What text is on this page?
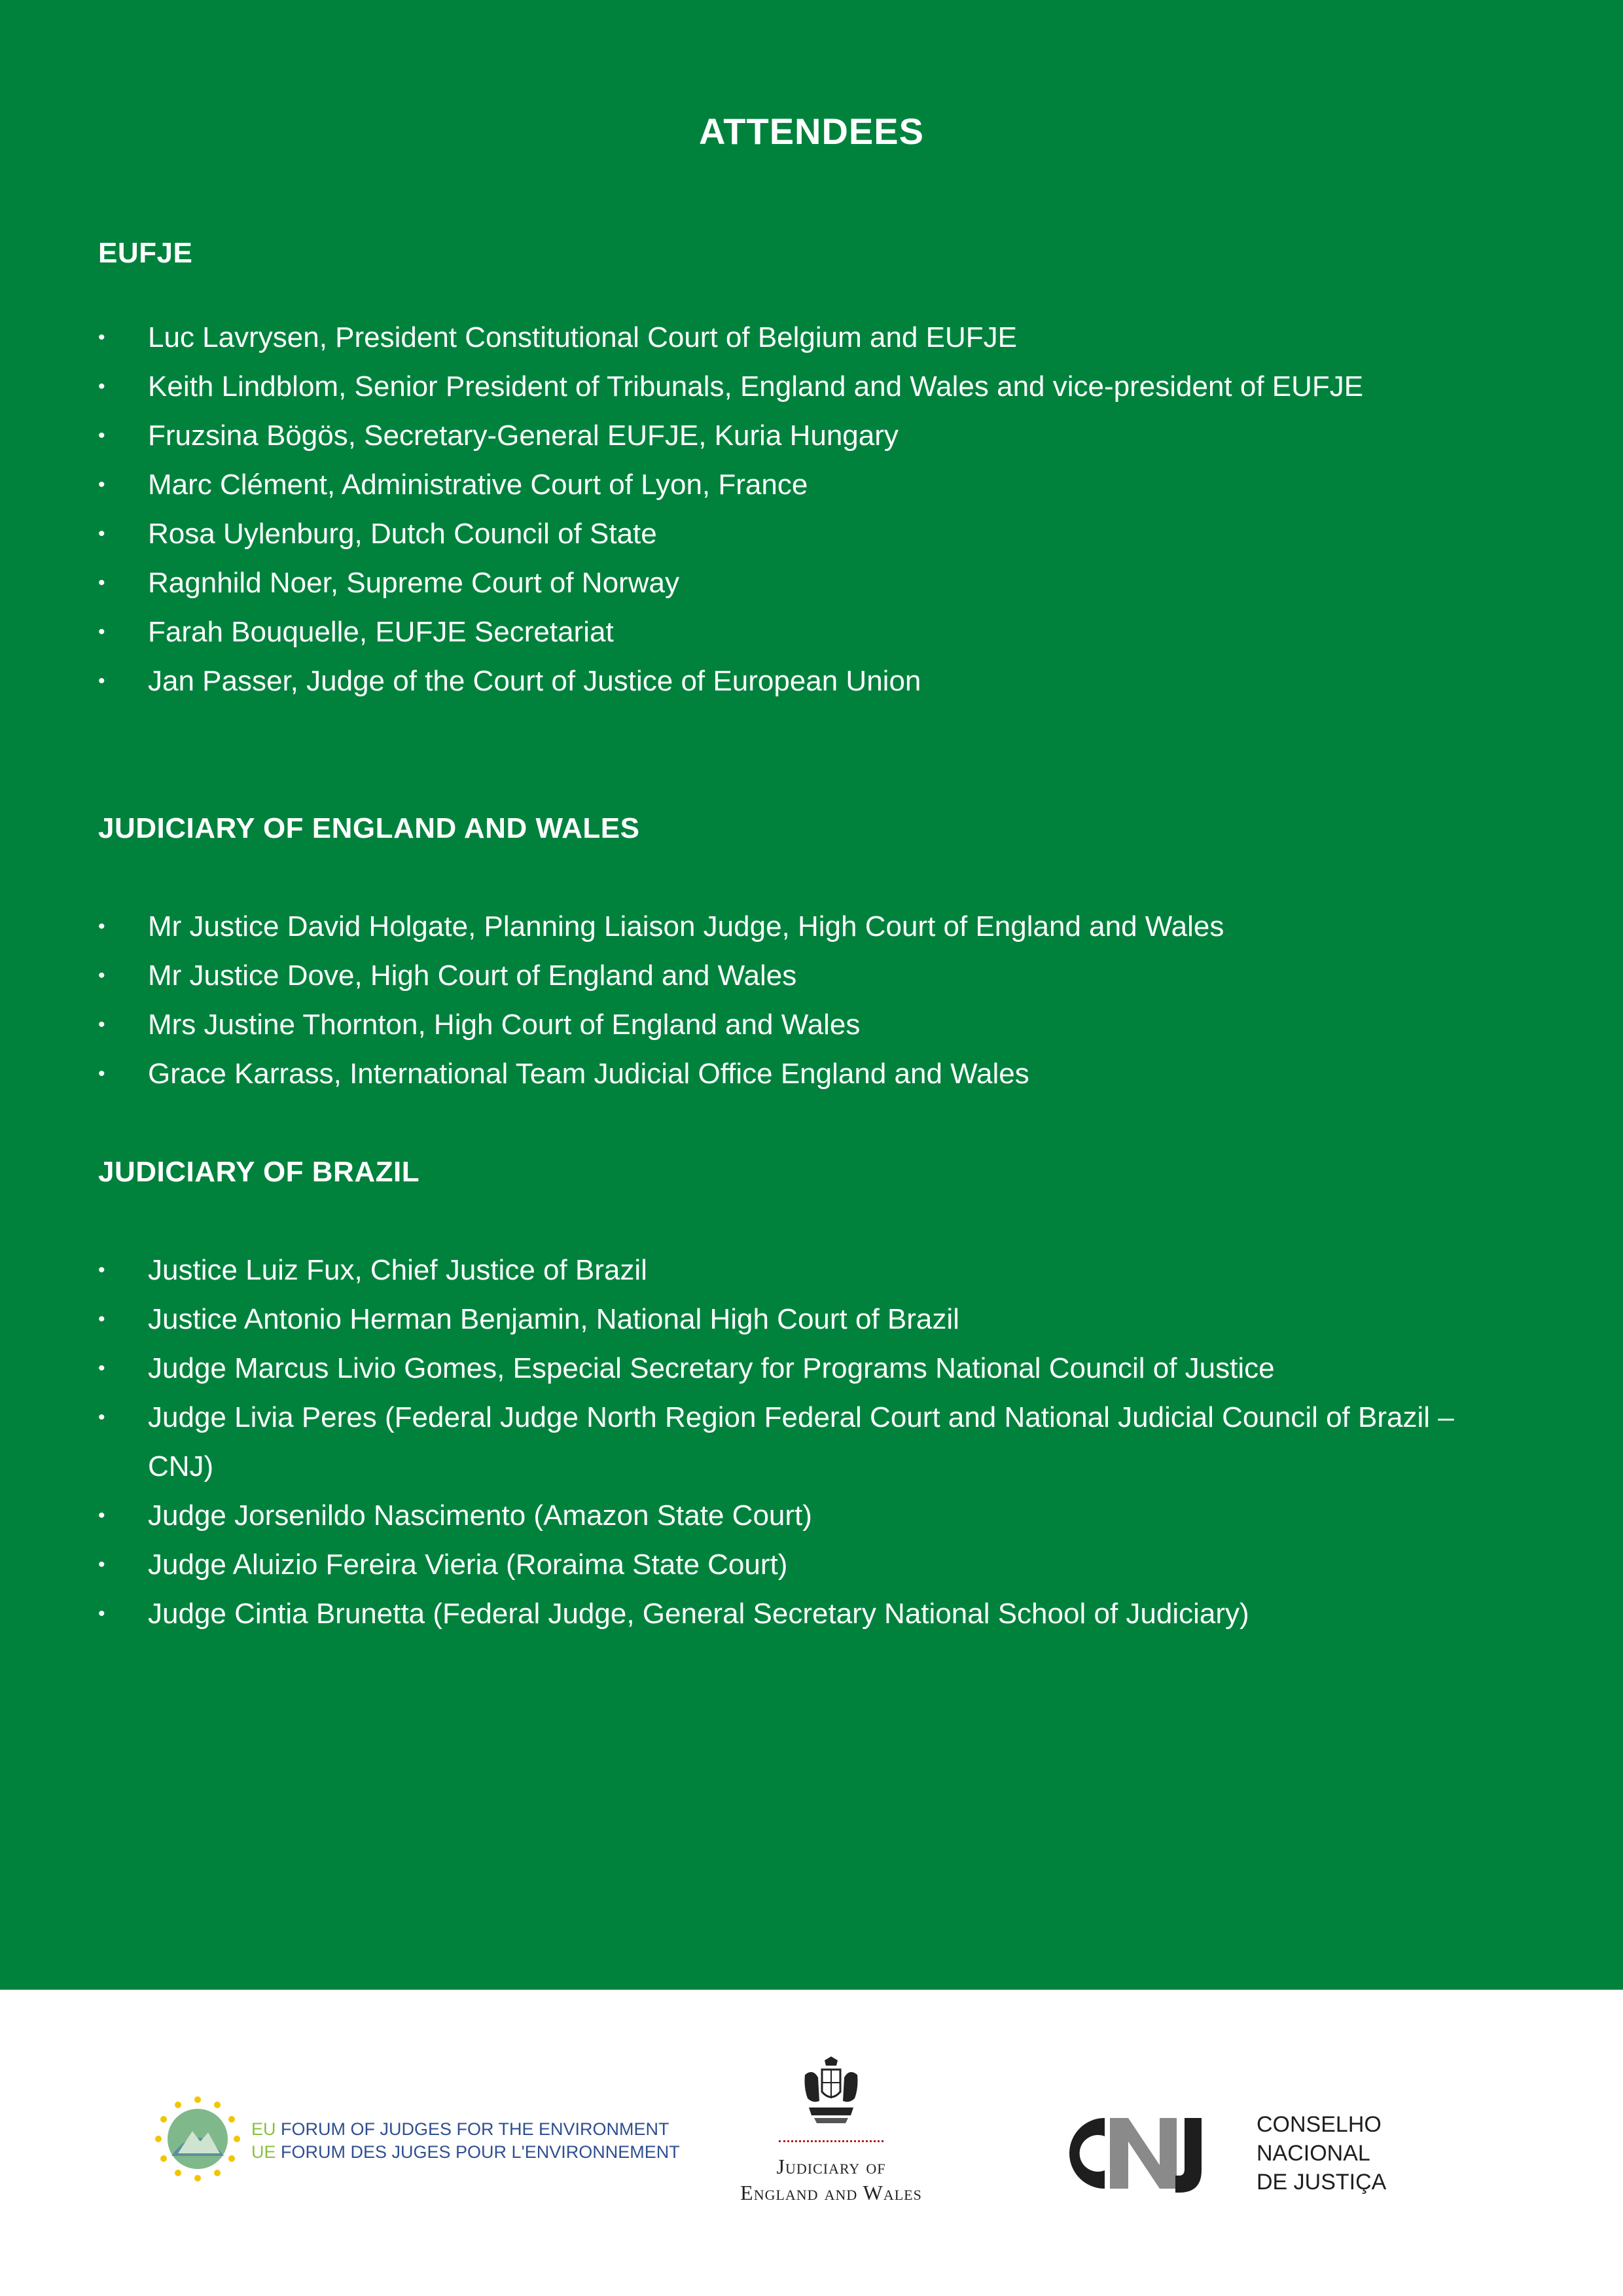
ATTENDEES
EUFJE
•	Luc Lavrysen, President Constitutional Court of Belgium and EUFJE
•	Keith Lindblom, Senior President of Tribunals, England and Wales and vice-president of EUFJE
•	Fruzsina Bögös, Secretary-General EUFJE, Kuria Hungary
•	Marc Clément, Administrative Court of Lyon, France
•	Rosa Uylenburg, Dutch Council of State
•	Ragnhild Noer, Supreme Court of Norway
•	Farah Bouquelle, EUFJE Secretariat
•	Jan Passer, Judge of the Court of Justice of European Union
JUDICIARY OF ENGLAND AND WALES
•	Mr Justice David Holgate, Planning Liaison Judge, High Court of England and Wales
•	Mr Justice Dove, High Court of England and Wales
•	Mrs Justine Thornton, High Court of England and Wales
•	Grace Karrass, International Team Judicial Office England and Wales
JUDICIARY OF BRAZIL
•	Justice Luiz Fux, Chief Justice of Brazil
•	Justice Antonio Herman Benjamin, National High Court of Brazil
•	Judge Marcus Livio Gomes, Especial Secretary for Programs National Council of Justice
•	Judge Livia Peres (Federal Judge North Region Federal Court and National Judicial Council of Brazil – CNJ)
•	Judge Jorsenildo Nascimento (Amazon State Court)
•	Judge Aluizio Fereira Vieria (Roraima State Court)
•	Judge Cintia Brunetta (Federal Judge, General Secretary National School of Judiciary)
EU FORUM OF JUDGES FOR THE ENVIRONMENT
UE FORUM DES JUGES POUR L'ENVIRONNEMENT
Judiciary of
England and Wales
CONSELHO
NACIONAL
DE JUSTIÇA
